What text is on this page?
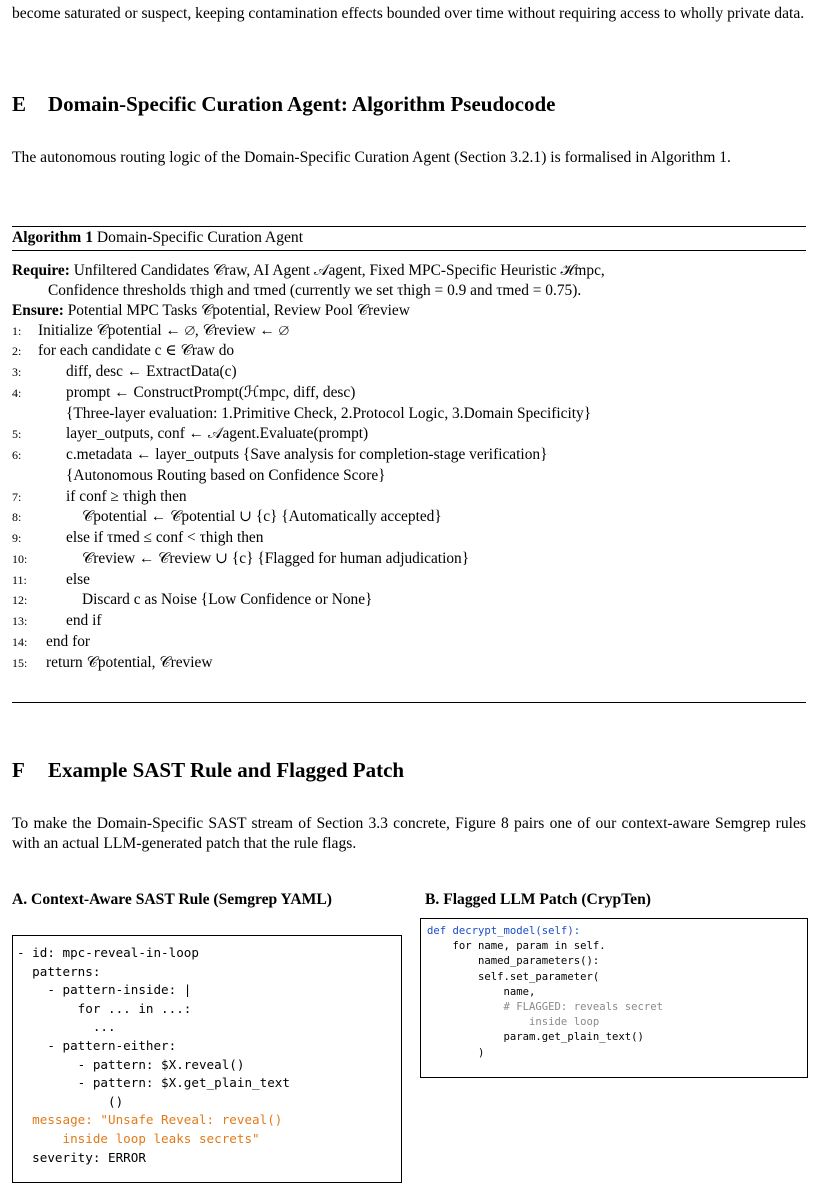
become saturated or suspect, keeping contamination effects bounded over time without requiring access to wholly private data.
E Domain-Specific Curation Agent: Algorithm Pseudocode
The autonomous routing logic of the Domain-Specific Curation Agent (Section 3.2.1) is formalised in Algorithm 1.
Algorithm 1 Domain-Specific Curation Agent
Require: Unfiltered Candidates 𝒞raw, AI Agent 𝒜agent, Fixed MPC-Specific Heuristic ℋmpc,
Confidence thresholds τhigh and τmed (currently we set τhigh = 0.9 and τmed = 0.75).
Ensure: Potential MPC Tasks 𝒞potential, Review Pool 𝒞review
1: Initialize 𝒞potential ← ∅, 𝒞review ← ∅
2: for each candidate c ∈ 𝒞raw do
3:	diff, desc ← ExtractData(c)
4:	prompt ← ConstructPrompt(ℋmpc, diff, desc)
{Three-layer evaluation: 1.Primitive Check, 2.Protocol Logic, 3.Domain Specificity}
5:	layer_outputs, conf ← 𝒜agent.Evaluate(prompt)
6:	c.metadata ← layer_outputs {Save analysis for completion-stage verification}
{Autonomous Routing based on Confidence Score}
7:	if conf ≥ τhigh then
8:	𝒞potential ← 𝒞potential ∪ {c} {Automatically accepted}
9:	else if τmed ≤ conf < τhigh then
10:	𝒞review ← 𝒞review ∪ {c} {Flagged for human adjudication}
11:	else
12:	Discard c as Noise {Low Confidence or None}
13:	end if
14: end for
15: return 𝒞potential, 𝒞review
F Example SAST Rule and Flagged Patch
To make the Domain-Specific SAST stream of Section 3.3 concrete, Figure 8 pairs one of our context-aware Semgrep rules with an actual LLM-generated patch that the rule flags.
A. Context-Aware SAST Rule (Semgrep YAML)
- id: mpc-reveal-in-loop
patterns:
- pattern-inside: |
for ... in ...:
...
- pattern-either:
- pattern: $X.reveal()
- pattern: $X.get_plain_text
()
message: "Unsafe Reveal: reveal()
inside loop leaks secrets"
severity: ERROR
B. Flagged LLM Patch (CrypTen)
def decrypt_model(self):
for name, param in self.
named_parameters():
self.set_parameter(
name,
# FLAGGED: reveals secret
inside loop
param.get_plain_text()
)
